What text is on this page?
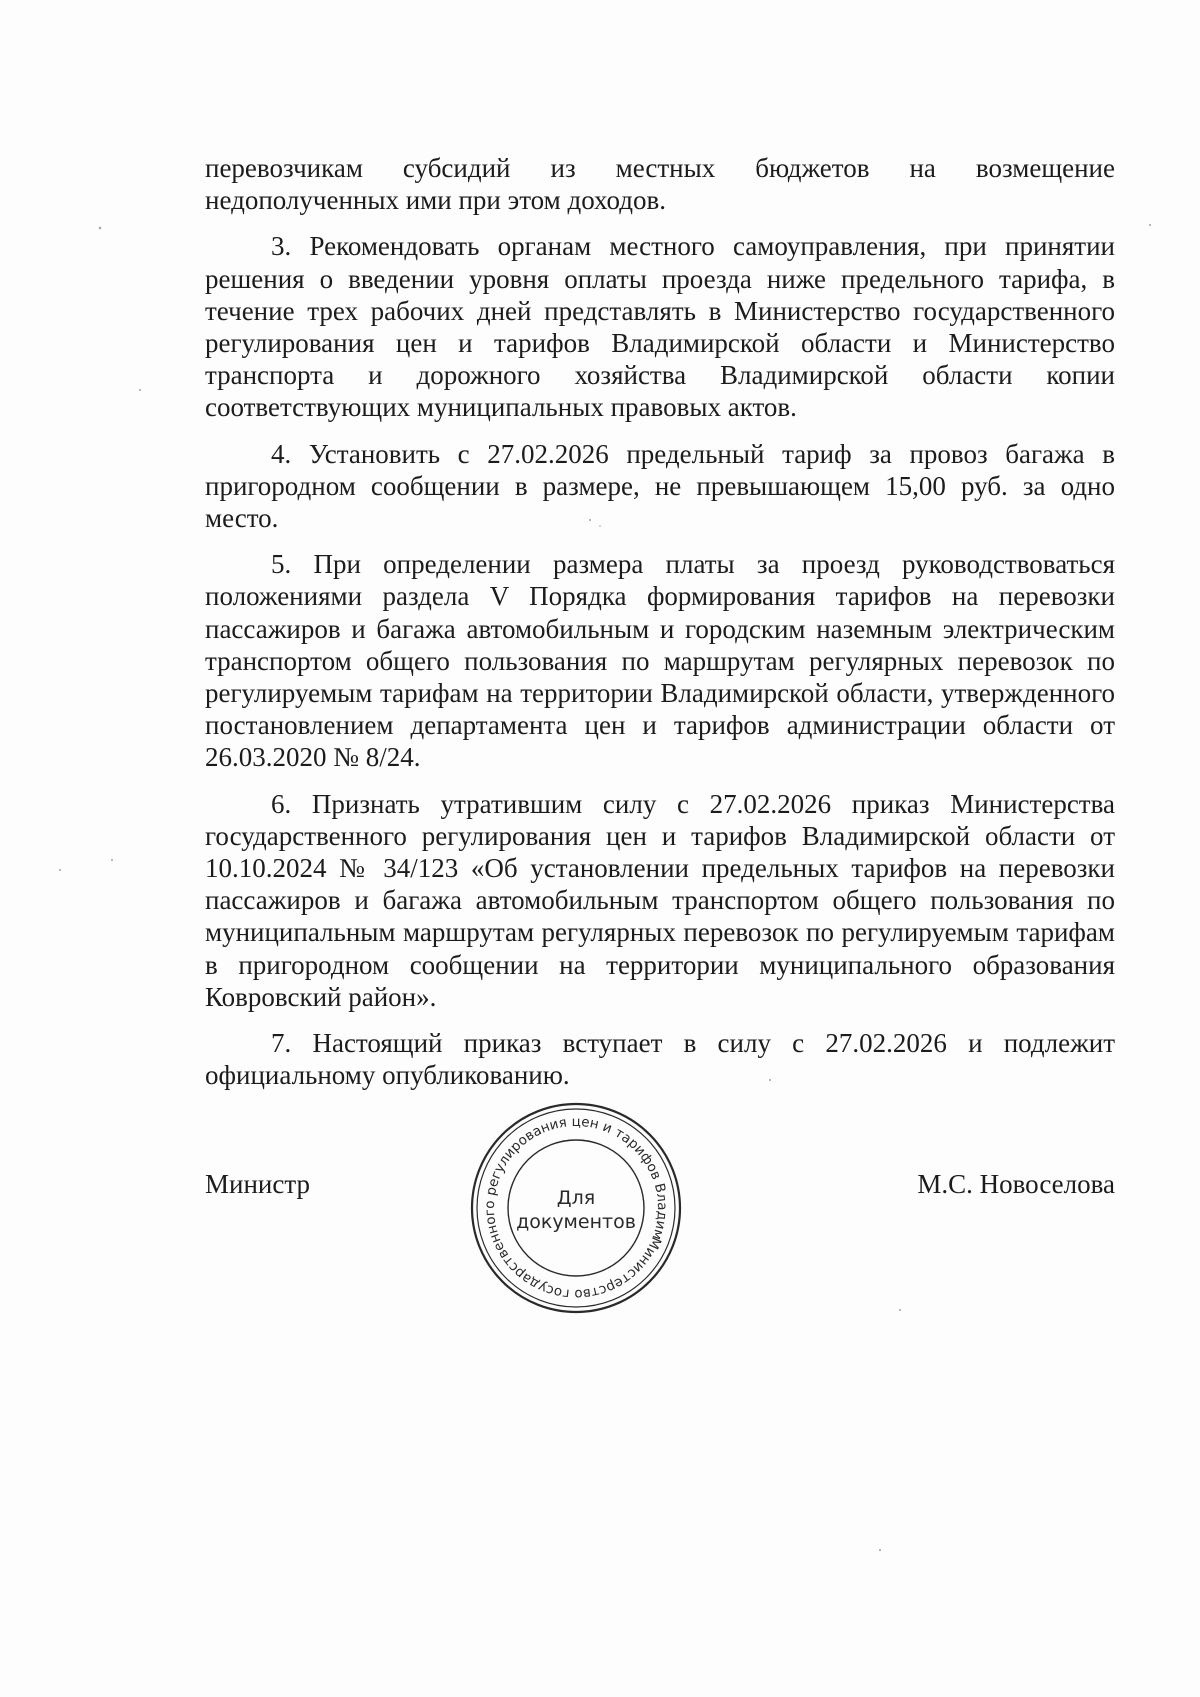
перевозчикам субсидий из местных бюджетов на возмещение недополученных ими при этом доходов.

3. Рекомендовать органам местного самоуправления, при принятии решения о введении уровня оплаты проезда ниже предельного тарифа, в течение трех рабочих дней представлять в Министерство государственного регулирования цен и тарифов Владимирской области и Министерство транспорта и дорожного хозяйства Владимирской области копии соответствующих муниципальных правовых актов.

4. Установить с 27.02.2026 предельный тариф за провоз багажа в пригородном сообщении в размере, не превышающем 15,00 руб. за одно место.

5. При определении размера платы за проезд руководствоваться положениями раздела V Порядка формирования тарифов на перевозки пассажиров и багажа автомобильным и городским наземным электрическим транспортом общего пользования по маршрутам регулярных перевозок по регулируемым тарифам на территории Владимирской области, утвержденного постановлением департамента цен и тарифов администрации области от 26.03.2020 № 8/24.

6. Признать утратившим силу с 27.02.2026 приказ Министерства государственного регулирования цен и тарифов Владимирской области от 10.10.2024 № 34/123 «Об установлении предельных тарифов на перевозки пассажиров и багажа автомобильным транспортом общего пользования по муниципальным маршрутам регулярных перевозок по регулируемым тарифам в пригородном сообщении на территории муниципального образования Ковровский район».

7. Настоящий приказ вступает в силу с 27.02.2026 и подлежит официальному опубликованию.

Министр	М.С. Новоселова
Министерство государственного регулирования цен и тарифов Владимирской
Для
документов
